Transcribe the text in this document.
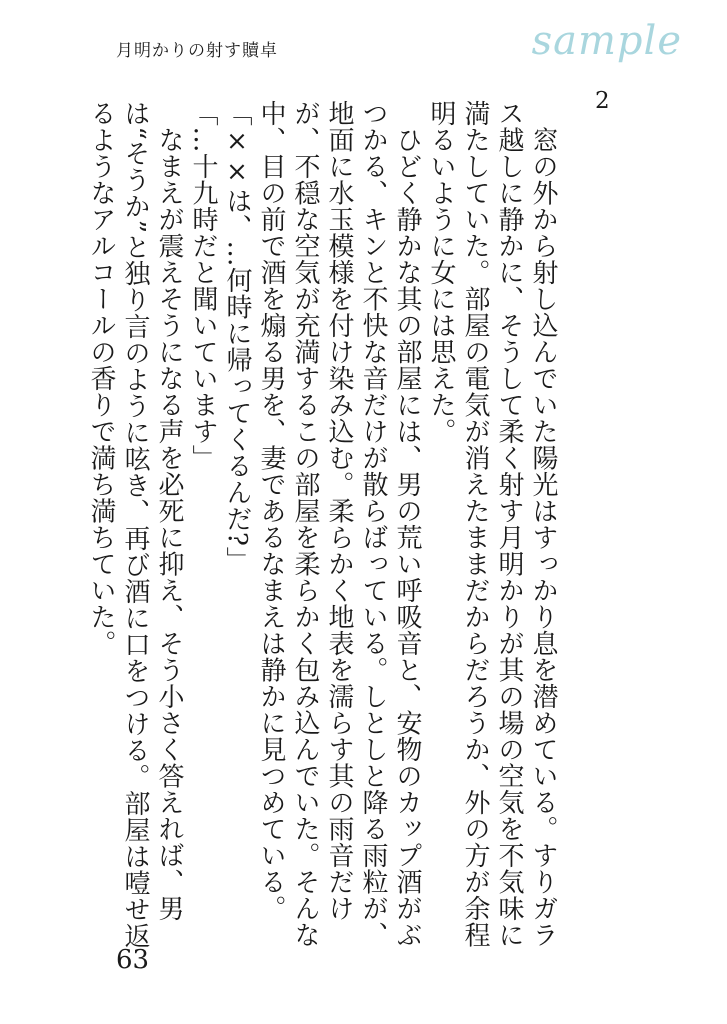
月明かりの射す贖卓	sample
2

　窓の外から射し込んでいた陽光はすっかり息を潜めている。すりガラス越しに静かに、そうして柔く射す月明かりが其の場の空気を不気味に満たしていた。部屋の電気が消えたままだからだろうか、外の方が余程明るいように女には思えた。

　ひどく静かな其の部屋には、男の荒い呼吸音と、安物のカップ酒がぶつかる、キンと不快な音だけが散らばっている。しとしと降る雨粒が、地面に水玉模様を付け染み込む。柔らかく地表を濡らす其の雨音だけが、不穏な空気が充満するこの部屋を柔らかく包み込んでいた。そんな中、目の前で酒を煽る男を、妻であるなまえは静かに見つめている。

「××は、…何時に帰ってくるんだ?」

「…十九時だと聞いています」

　なまえが震えそうになる声を必死に抑え、そう小さく答えれば、男は“そうか”と独り言のように呟き、再び酒に口をつける。部屋は噎せ返るようなアルコールの香りで満ち満ちていた。

63
